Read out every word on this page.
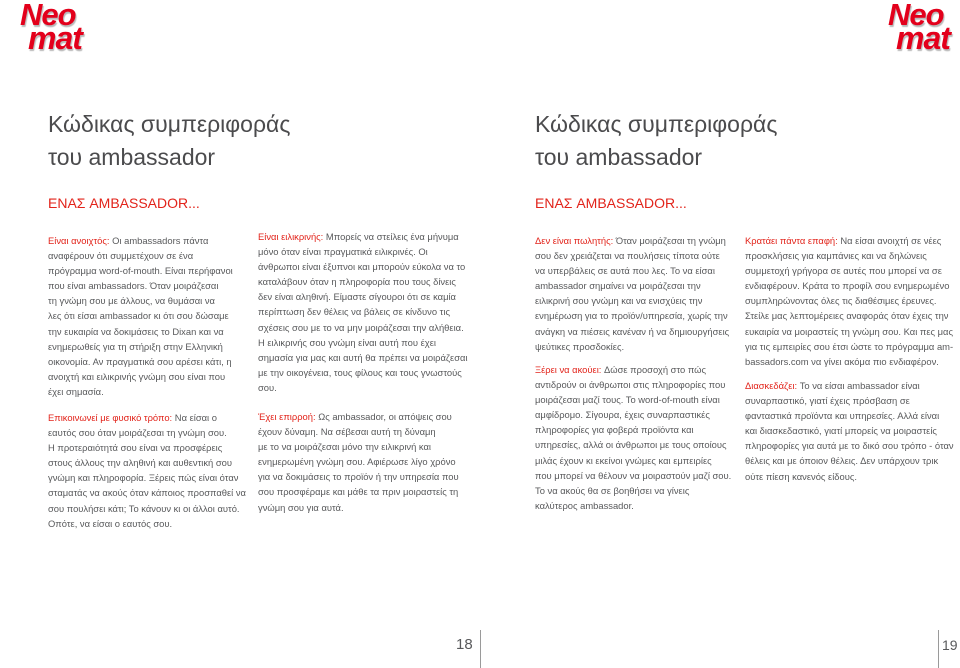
Neo
mat
Κώδικας συμπεριφοράς
του ambassador
ΕΝΑΣ AMBASSADOR...
Είναι ανοιχτός: Οι ambassadors πάντα
αναφέρουν ότι συμμετέχουν σε ένα
πρόγραμμα word-of-mouth. Είναι περήφανοι
που είναι ambassadors. Όταν μοιράζεσαι
τη γνώμη σου με άλλους, να θυμάσαι να
λες ότι είσαι ambassador κι ότι σου δώσαμε
την ευκαιρία να δοκιμάσεις το Dixan και να
ενημερωθείς για τη στήριξη στην Ελληνική
οικονομία. Αν πραγματικά σου αρέσει κάτι, η
ανοιχτή και ειλικρινής γνώμη σου είναι που
έχει σημασία.
Επικοινωνεί με φυσικό τρόπο: Να είσαι ο
εαυτός σου όταν μοιράζεσαι τη γνώμη σου.
Η προτεραιότητά σου είναι να προσφέρεις
στους άλλους την αληθινή και αυθεντική σου
γνώμη και πληροφορία. Ξέρεις πώς είναι όταν
σταματάς να ακούς όταν κάποιος προσπαθεί να
σου πουλήσει κάτι; Το κάνουν κι οι άλλοι αυτό.
Οπότε, να είσαι ο εαυτός σου.
Είναι ειλικρινής: Μπορείς να στείλεις ένα μήνυμα
μόνο όταν είναι πραγματικά ειλικρινές. Οι
άνθρωποι είναι έξυπνοι και μπορούν εύκολα να το
καταλάβουν όταν η πληροφορία που τους δίνεις
δεν είναι αληθινή. Είμαστε σίγουροι ότι σε καμία
περίπτωση δεν θέλεις να βάλεις σε κίνδυνο τις
σχέσεις σου με το να μην μοιράζεσαι την αλήθεια.
Η ειλικρινής σου γνώμη είναι αυτή που έχει
σημασία για μας και αυτή θα πρέπει να μοιράζεσαι
με την οικογένεια, τους φίλους και τους γνωστούς
σου.
Έχει επιρροή: Ως ambassador, οι απόψεις σου
έχουν δύναμη. Να σέβεσαι αυτή τη δύναμη
με το να μοιράζεσαι μόνο την ειλικρινή και
ενημερωμένη γνώμη σου. Αφιέρωσε λίγο χρόνο
για να δοκιμάσεις το προϊόν ή την υπηρεσία που
σου προσφέραμε και μάθε τα πριν μοιραστείς τη
γνώμη σου για αυτά.
18
Neo
mat
Κώδικας συμπεριφοράς
του ambassador
ΕΝΑΣ AMBASSADOR...
Δεν είναι πωλητής: Όταν μοιράζεσαι τη γνώμη
σου δεν χρειάζεται να πουλήσεις τίποτα ούτε
να υπερβάλεις σε αυτά που λες. Το να είσαι
ambassador σημαίνει να μοιράζεσαι την
ειλικρινή σου γνώμη και να ενισχύεις την
ενημέρωση για το προϊόν/υπηρεσία, χωρίς την
ανάγκη να πιέσεις κανέναν ή να δημιουργήσεις
ψεύτικες προσδοκίες.
Ξέρει να ακούει: Δώσε προσοχή στο πώς
αντιδρούν οι άνθρωποι στις πληροφορίες που
μοιράζεσαι μαζί τους. Το word-of-mouth είναι
αμφίδρομο. Σίγουρα, έχεις συναρπαστικές
πληροφορίες για φοβερά προϊόντα και
υπηρεσίες, αλλά οι άνθρωποι με τους οποίους
μιλάς έχουν κι εκείνοι γνώμες και εμπειρίες
που μπορεί να θέλουν να μοιραστούν μαζί σου.
Το να ακούς θα σε βοηθήσει να γίνεις
καλύτερος ambassador.
Κρατάει πάντα επαφή: Να είσαι ανοιχτή σε νέες
προσκλήσεις για καμπάνιες και να δηλώνεις
συμμετοχή γρήγορα σε αυτές που μπορεί να σε
ενδιαφέρουν. Κράτα το προφίλ σου ενημερωμένο
συμπληρώνοντας όλες τις διαθέσιμες έρευνες.
Στείλε μας λεπτομέρειες αναφοράς όταν έχεις την
ευκαιρία να μοιραστείς τη γνώμη σου. Και πες μας
για τις εμπειρίες σου έτσι ώστε το πρόγραμμα am-
bassadors.com να γίνει ακόμα πιο ενδιαφέρον.
Διασκεδάζει: Το να είσαι ambassador είναι
συναρπαστικό, γιατί έχεις πρόσβαση σε
φανταστικά προϊόντα και υπηρεσίες. Αλλά είναι
και διασκεδαστικό, γιατί μπορείς να μοιραστείς
πληροφορίες για αυτά με το δικό σου τρόπο - όταν
θέλεις και με όποιον θέλεις. Δεν υπάρχουν τρικ
ούτε πίεση κανενός είδους.
19
